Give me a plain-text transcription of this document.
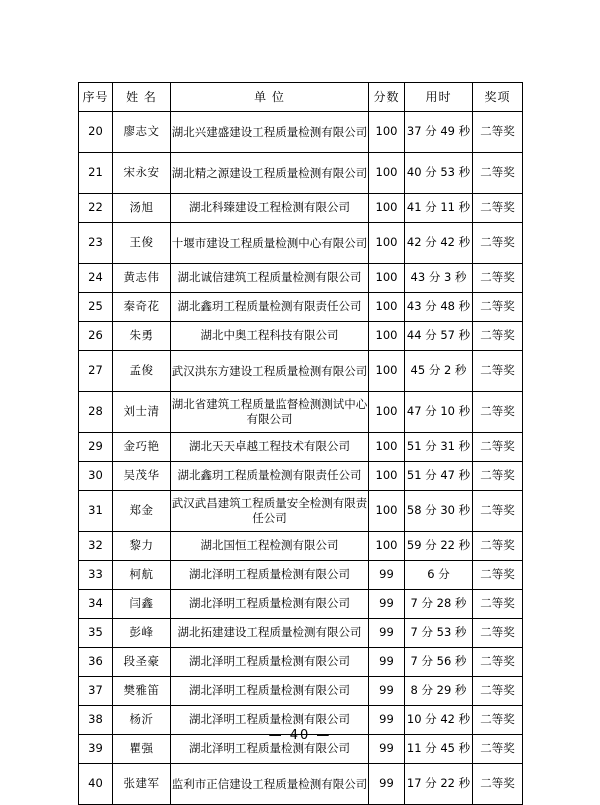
序号	姓 名	单 位	分数	用时	奖项
20	廖志文	湖北兴建盛建设工程质量检测有限公司	100	37 分 49 秒	二等奖
21	宋永安	湖北精之源建设工程质量检测有限公司	100	40 分 53 秒	二等奖
22	汤旭	湖北科臻建设工程检测有限公司	100	41 分 11 秒	二等奖
23	王俊	十堰市建设工程质量检测中心有限公司	100	42 分 42 秒	二等奖
24	黄志伟	湖北诚信建筑工程质量检测有限公司	100	43 分 3 秒	二等奖
25	秦奇花	湖北鑫玥工程质量检测有限责任公司	100	43 分 48 秒	二等奖
26	朱勇	湖北中奥工程科技有限公司	100	44 分 57 秒	二等奖
27	孟俊	武汉洪东方建设工程质量检测有限公司	100	45 分 2 秒	二等奖
28	刘士清	湖北省建筑工程质量监督检测测试中心有限公司	100	47 分 10 秒	二等奖
29	金巧艳	湖北天天卓越工程技术有限公司	100	51 分 31 秒	二等奖
30	吴茂华	湖北鑫玥工程质量检测有限责任公司	100	51 分 47 秒	二等奖
31	郑金	武汉武昌建筑工程质量安全检测有限责任公司	100	58 分 30 秒	二等奖
32	黎力	湖北国恒工程检测有限公司	100	59 分 22 秒	二等奖
33	柯航	湖北泽明工程质量检测有限公司	99	6 分	二等奖
34	闫鑫	湖北泽明工程质量检测有限公司	99	7 分 28 秒	二等奖
35	彭峰	湖北拓建建设工程质量检测有限公司	99	7 分 53 秒	二等奖
36	段圣豪	湖北泽明工程质量检测有限公司	99	7 分 56 秒	二等奖
37	樊雅笛	湖北泽明工程质量检测有限公司	99	8 分 29 秒	二等奖
38	杨沂	湖北泽明工程质量检测有限公司	99	10 分 42 秒	二等奖
39	瞿强	湖北泽明工程质量检测有限公司	99	11 分 45 秒	二等奖
40	张建军	监利市正信建设工程质量检测有限公司	99	17 分 22 秒	二等奖
— 40 —
